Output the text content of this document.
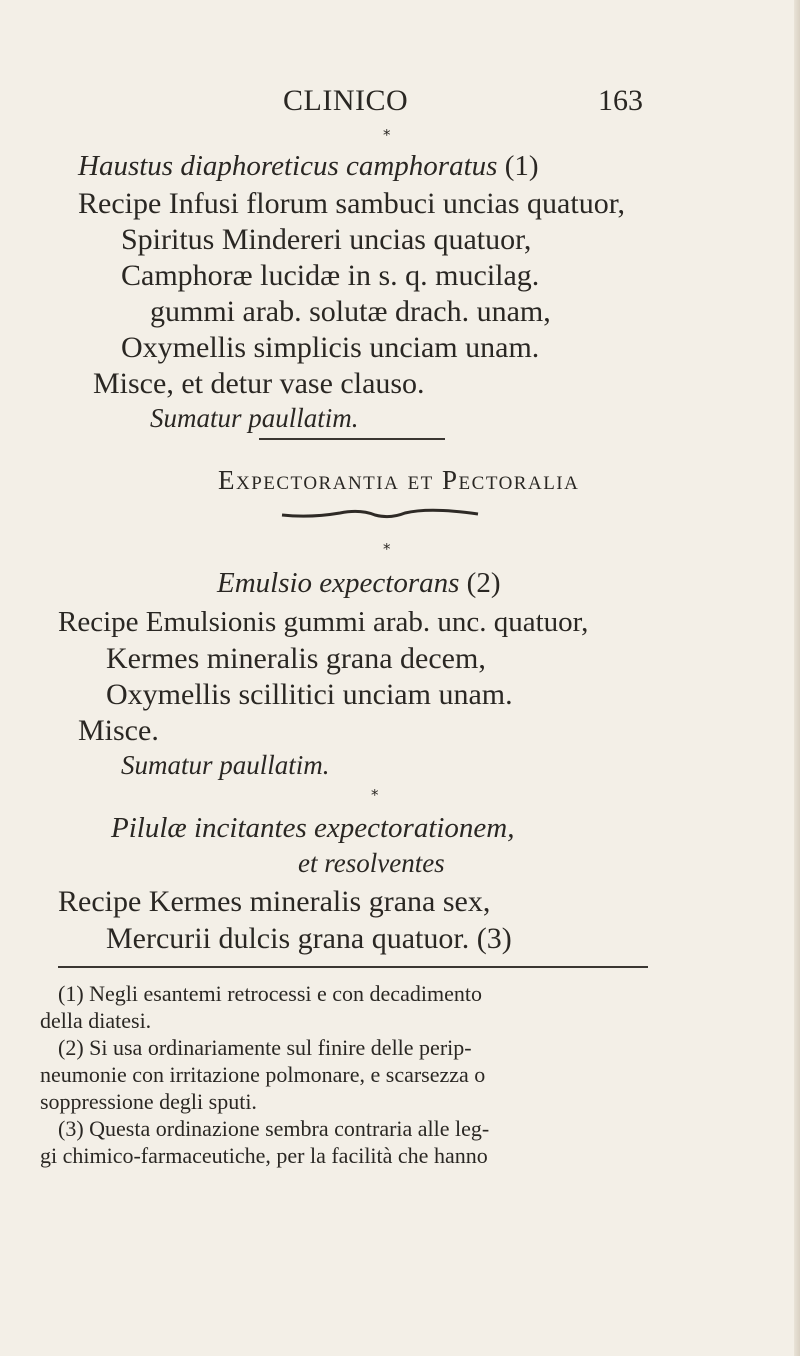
CLINICO	163
*
Haustus diaphoreticus camphoratus (1)
Recipe Infusi florum sambuci uncias quatuor,
Spiritus Mindereri uncias quatuor,
Camphoræ lucidæ in s. q. mucilag.
gummi arab. solutæ drach. unam,
Oxymellis simplicis unciam unam.
Misce, et detur vase clauso.
Sumatur paullatim.
Expectorantia et Pectoralia
*
Emulsio expectorans (2)
Recipe Emulsionis gummi arab. unc. quatuor,
Kermes mineralis grana decem,
Oxymellis scillitici unciam unam.
Misce.
Sumatur paullatim.
*
Pilulæ incitantes expectorationem,
et resolventes
Recipe Kermes mineralis grana sex,
Mercurii dulcis grana quatuor. (3)
(1) Negli esantemi retrocessi e con decadimento
della diatesi.
(2) Si usa ordinariamente sul finire delle perip-
neumonie con irritazione polmonare, e scarsezza o
soppressione degli sputi.
(3) Questa ordinazione sembra contraria alle leg-
gi chimico-farmaceutiche, per la facilità che hanno
